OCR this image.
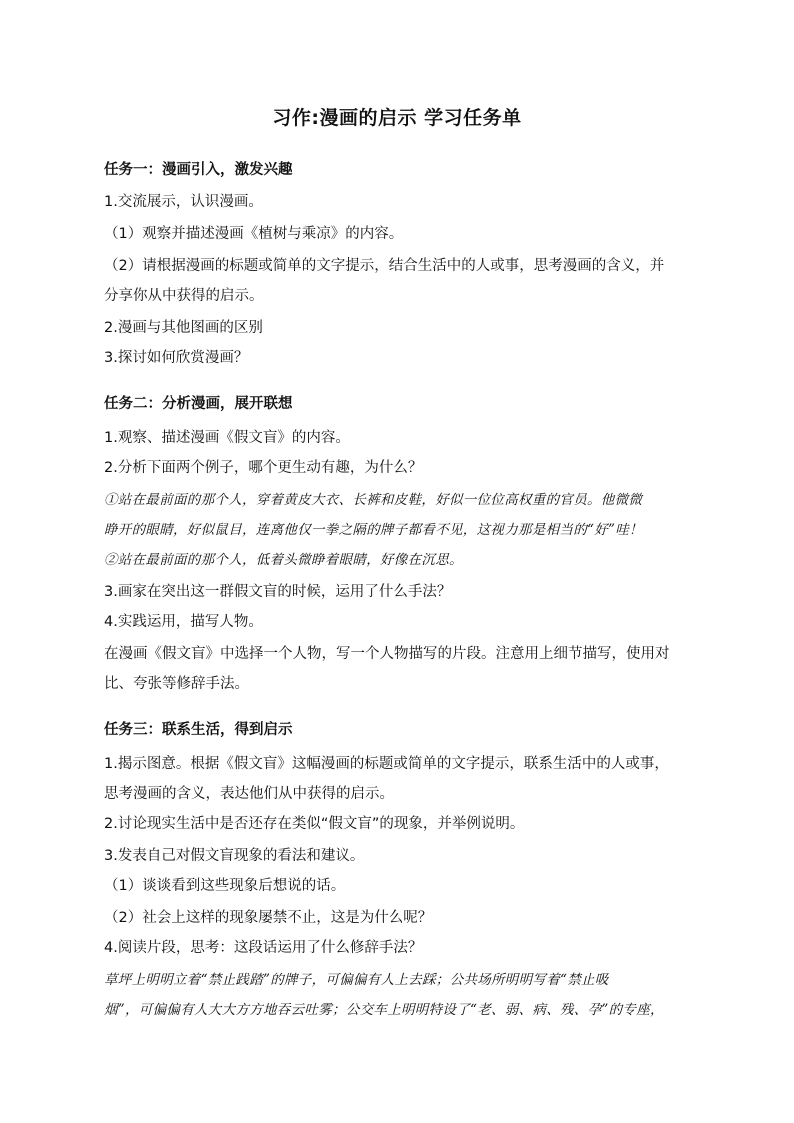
习作:漫画的启示 学习任务单
任务一：漫画引入，激发兴趣
1.交流展示，认识漫画。
（1）观察并描述漫画《植树与乘凉》的内容。
（2）请根据漫画的标题或简单的文字提示，结合生活中的人或事，思考漫画的含义，并
分享你从中获得的启示。
2.漫画与其他图画的区别
3.探讨如何欣赏漫画？
任务二：分析漫画，展开联想
1.观察、描述漫画《假文盲》的内容。
2.分析下面两个例子，哪个更生动有趣，为什么？
①站在最前面的那个人，穿着黄皮大衣、长裤和皮鞋，好似一位位高权重的官员。他微微
睁开的眼睛，好似鼠目，连离他仅一拳之隔的牌子都看不见，这视力那是相当的“好”哇！
②站在最前面的那个人，低着头微睁着眼睛，好像在沉思。
3.画家在突出这一群假文盲的时候，运用了什么手法？
4.实践运用，描写人物。
在漫画《假文盲》中选择一个人物，写一个人物描写的片段。注意用上细节描写，使用对
比、夸张等修辞手法。
任务三：联系生活，得到启示
1.揭示图意。根据《假文盲》这幅漫画的标题或简单的文字提示，联系生活中的人或事，
思考漫画的含义，表达他们从中获得的启示。
2.讨论现实生活中是否还存在类似“假文盲”的现象，并举例说明。
3.发表自己对假文盲现象的看法和建议。
（1）谈谈看到这些现象后想说的话。
（2）社会上这样的现象屡禁不止，这是为什么呢？
4.阅读片段，思考：这段话运用了什么修辞手法？
草坪上明明立着“禁止践踏”的牌子，可偏偏有人上去踩；公共场所明明写着“禁止吸
烟”，可偏偏有人大大方方地吞云吐雾；公交车上明明特设了“老、弱、病、残、孕”的专座，
